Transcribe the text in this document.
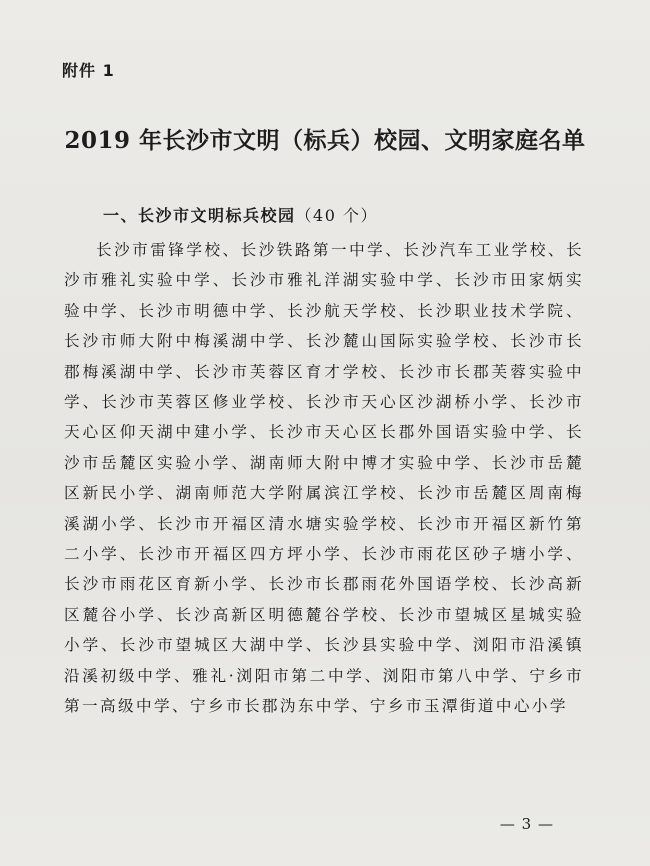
附件 1
2019 年长沙市文明（标兵）校园、文明家庭名单
一、长沙市文明标兵校园（40 个）

长沙市雷锋学校、长沙铁路第一中学、长沙汽车工业学校、长沙市雅礼实验中学、长沙市雅礼洋湖实验中学、长沙市田家炳实验中学、长沙市明德中学、长沙航天学校、长沙职业技术学院、长沙市师大附中梅溪湖中学、长沙麓山国际实验学校、长沙市长郡梅溪湖中学、长沙市芙蓉区育才学校、长沙市长郡芙蓉实验中学、长沙市芙蓉区修业学校、长沙市天心区沙湖桥小学、长沙市天心区仰天湖中建小学、长沙市天心区长郡外国语实验中学、长沙市岳麓区实验小学、湖南师大附中博才实验中学、长沙市岳麓区新民小学、湖南师范大学附属滨江学校、长沙市岳麓区周南梅溪湖小学、长沙市开福区清水塘实验学校、长沙市开福区新竹第二小学、长沙市开福区四方坪小学、长沙市雨花区砂子塘小学、长沙市雨花区育新小学、长沙市长郡雨花外国语学校、长沙高新区麓谷小学、长沙高新区明德麓谷学校、长沙市望城区星城实验小学、长沙市望城区大湖中学、长沙县实验中学、浏阳市沿溪镇沿溪初级中学、雅礼·浏阳市第二中学、浏阳市第八中学、宁乡市第一高级中学、宁乡市长郡沩东中学、宁乡市玉潭街道中心小学

— 3 —
